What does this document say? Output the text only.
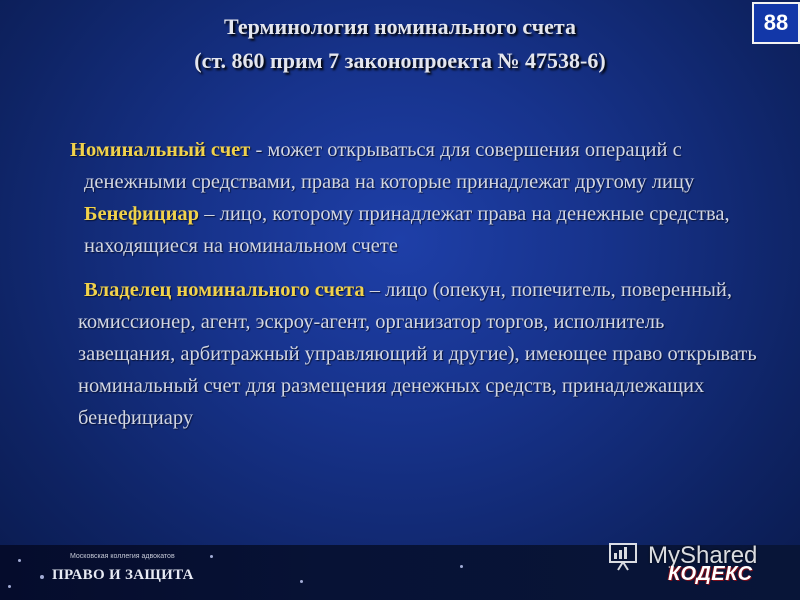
Терминология номинального счета
(ст. 860 прим 7 законопроекта № 47538-6)
88

Номинальный счет - может открываться для совершения операций с денежными средствами, права на которые принадлежат другому лицу Бенефициар – лицо, которому принадлежат права на денежные средства, находящиеся на номинальном счете

Владелец номинального счета – лицо (опекун, попечитель, поверенный, комиссионер, агент, эскроу-агент, организатор торгов, исполнитель завещания, арбитражный управляющий и другие), имеющее право открывать номинальный счет для размещения денежных средств, принадлежащих бенефициару

Московская коллегия адвокатов
ПРАВО И ЗАЩИТА
MyShared
КОДЕКС
